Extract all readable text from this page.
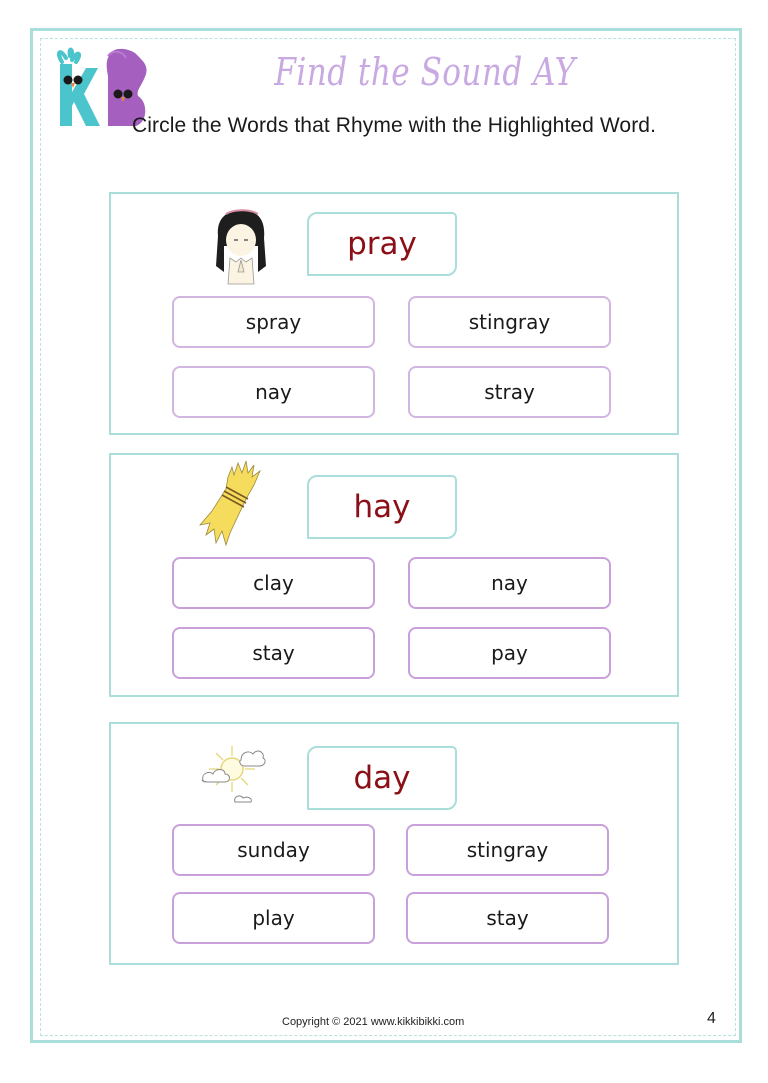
Find the Sound AY
Circle the Words that Rhyme with the Highlighted Word.
pray
spray	stingray
nay	stray
hay
clay	nay
stay	pay
day
sunday	stingray
play	stay
Copyright © 2021 www.kikkibikki.com	4
